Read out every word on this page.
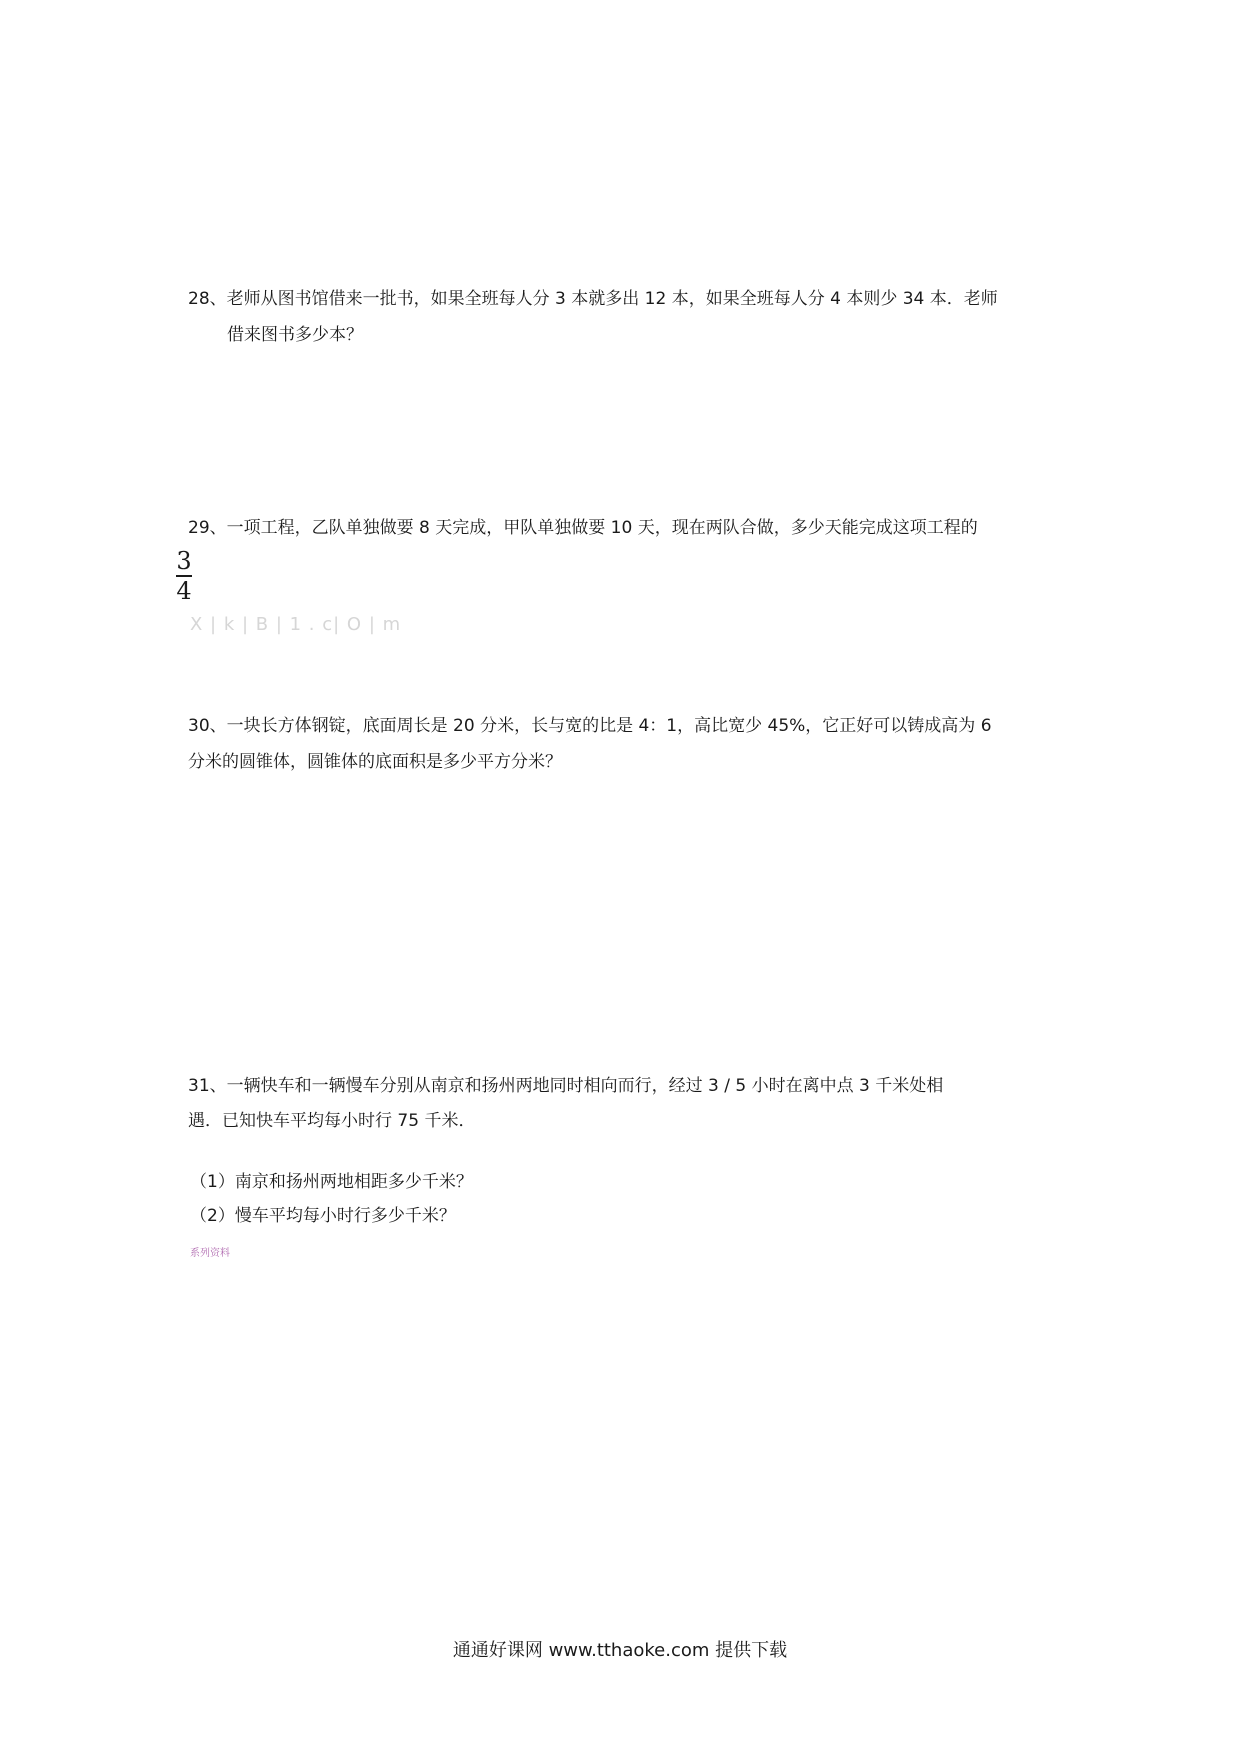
28、老师从图书馆借来一批书，如果全班每人分 3 本就多出 12 本，如果全班每人分 4 本则少 34 本．老师
借来图书多少本？
29、一项工程，乙队单独做要 8 天完成，甲队单独做要 10 天，现在两队合做，多少天能完成这项工程的
3
4
X | k | B | 1 . c| O | m
30、一块长方体钢锭，底面周长是 20 分米，长与宽的比是 4：1，高比宽少 45%，它正好可以铸成高为 6
分米的圆锥体，圆锥体的底面积是多少平方分米？
31、一辆快车和一辆慢车分别从南京和扬州两地同时相向而行，经过 3 / 5 小时在离中点 3 千米处相
遇．已知快车平均每小时行 75 千米．
（1）南京和扬州两地相距多少千米？
（2）慢车平均每小时行多少千米？
系列资料
通通好课网 www.tthaoke.com 提供下载
